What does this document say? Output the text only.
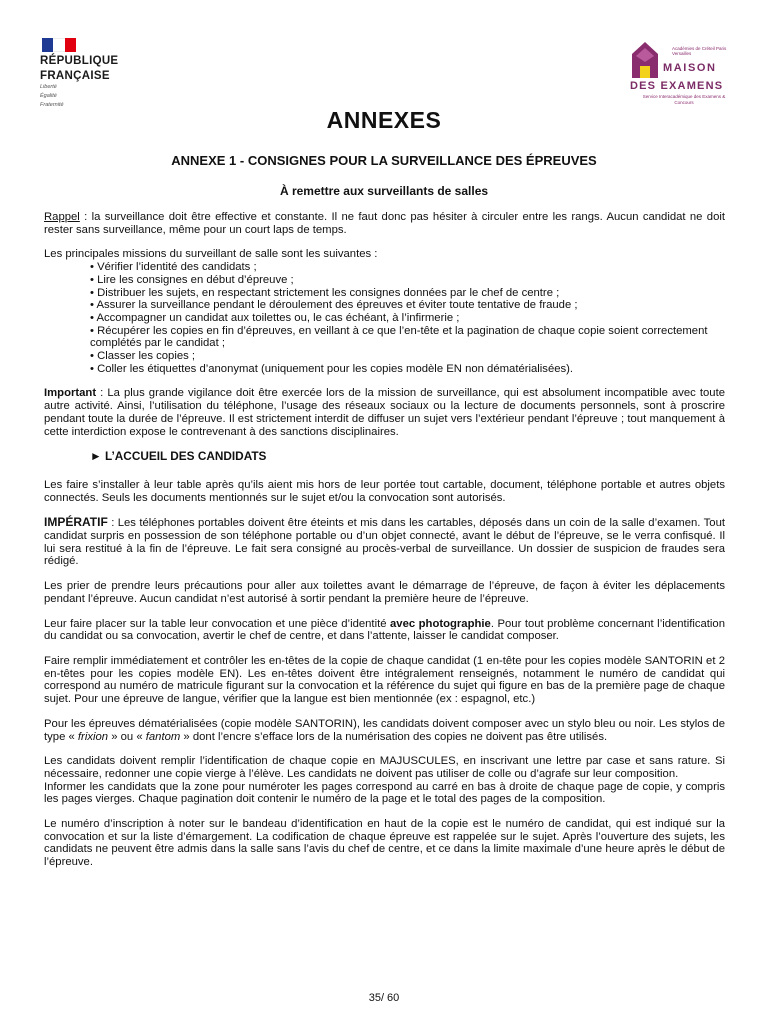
RÉPUBLIQUE
FRANÇAISE
Liberté
Égalité
Fraternité
Académies de Créteil Paris Versailles
MAISON
DES EXAMENS
Service Interacadémique des Examens & Concours
ANNEXES
ANNEXE 1 - CONSIGNES POUR LA SURVEILLANCE DES ÉPREUVES
À remettre aux surveillants de salles

Rappel : la surveillance doit être effective et constante. Il ne faut donc pas hésiter à circuler entre les rangs. Aucun candidat ne doit rester sans surveillance, même pour un court laps de temps.

Les principales missions du surveillant de salle sont les suivantes :

• Vérifier l’identité des candidats ;
• Lire les consignes en début d’épreuve ;
• Distribuer les sujets, en respectant strictement les consignes données par le chef de centre ;
• Assurer la surveillance pendant le déroulement des épreuves et éviter toute tentative de fraude ;
• Accompagner un candidat aux toilettes ou, le cas échéant, à l’infirmerie ;
• Récupérer les copies en fin d’épreuves, en veillant à ce que l’en-tête et la pagination de chaque copie soient correctement complétés par le candidat ;
• Classer les copies ;
• Coller les étiquettes d’anonymat (uniquement pour les copies modèle EN non dématérialisées).

Important : La plus grande vigilance doit être exercée lors de la mission de surveillance, qui est absolument incompatible avec toute autre activité. Ainsi, l’utilisation du téléphone, l’usage des réseaux sociaux ou la lecture de documents personnels, sont à proscrire pendant toute la durée de l’épreuve. Il est strictement interdit de diffuser un sujet vers l’extérieur pendant l’épreuve ; tout manquement à cette interdiction expose le contrevenant à des sanctions disciplinaires.

► L’ACCUEIL DES CANDIDATS

Les faire s’installer à leur table après qu’ils aient mis hors de leur portée tout cartable, document, téléphone portable et autres objets connectés. Seuls les documents mentionnés sur le sujet et/ou la convocation sont autorisés.

IMPÉRATIF : Les téléphones portables doivent être éteints et mis dans les cartables, déposés dans un coin de la salle d’examen. Tout candidat surpris en possession de son téléphone portable ou d’un objet connecté, avant le début de l’épreuve, se le verra confisqué. Il lui sera restitué à la fin de l’épreuve. Le fait sera consigné au procès-verbal de surveillance. Un dossier de suspicion de fraudes sera rédigé.

Les prier de prendre leurs précautions pour aller aux toilettes avant le démarrage de l’épreuve, de façon à éviter les déplacements pendant l’épreuve. Aucun candidat n’est autorisé à sortir pendant la première heure de l’épreuve.

Leur faire placer sur la table leur convocation et une pièce d’identité avec photographie. Pour tout problème concernant l’identification du candidat ou sa convocation, avertir le chef de centre, et dans l’attente, laisser le candidat composer.

Faire remplir immédiatement et contrôler les en-têtes de la copie de chaque candidat (1 en-tête pour les copies modèle SANTORIN et 2 en-têtes pour les copies modèle EN). Les en-têtes doivent être intégralement renseignés, notamment le numéro de candidat qui correspond au numéro de matricule figurant sur la convocation et la référence du sujet qui figure en bas de la première page de chaque sujet. Pour une épreuve de langue, vérifier que la langue est bien mentionnée (ex : espagnol, etc.)

Pour les épreuves dématérialisées (copie modèle SANTORIN), les candidats doivent composer avec un stylo bleu ou noir. Les stylos de type « frixion » ou « fantom » dont l’encre s’efface lors de la numérisation des copies ne doivent pas être utilisés.

Les candidats doivent remplir l’identification de chaque copie en MAJUSCULES, en inscrivant une lettre par case et sans rature. Si nécessaire, redonner une copie vierge à l’élève. Les candidats ne doivent pas utiliser de colle ou d’agrafe sur leur composition.

Informer les candidats que la zone pour numéroter les pages correspond au carré en bas à droite de chaque page de copie, y compris les pages vierges. Chaque pagination doit contenir le numéro de la page et le total des pages de la composition.

Le numéro d’inscription à noter sur le bandeau d’identification en haut de la copie est le numéro de candidat, qui est indiqué sur la convocation et sur la liste d’émargement. La codification de chaque épreuve est rappelée sur le sujet. Après l’ouverture des sujets, les candidats ne peuvent être admis dans la salle sans l’avis du chef de centre, et ce dans la limite maximale d’une heure après le début de l’épreuve.

35/ 60
